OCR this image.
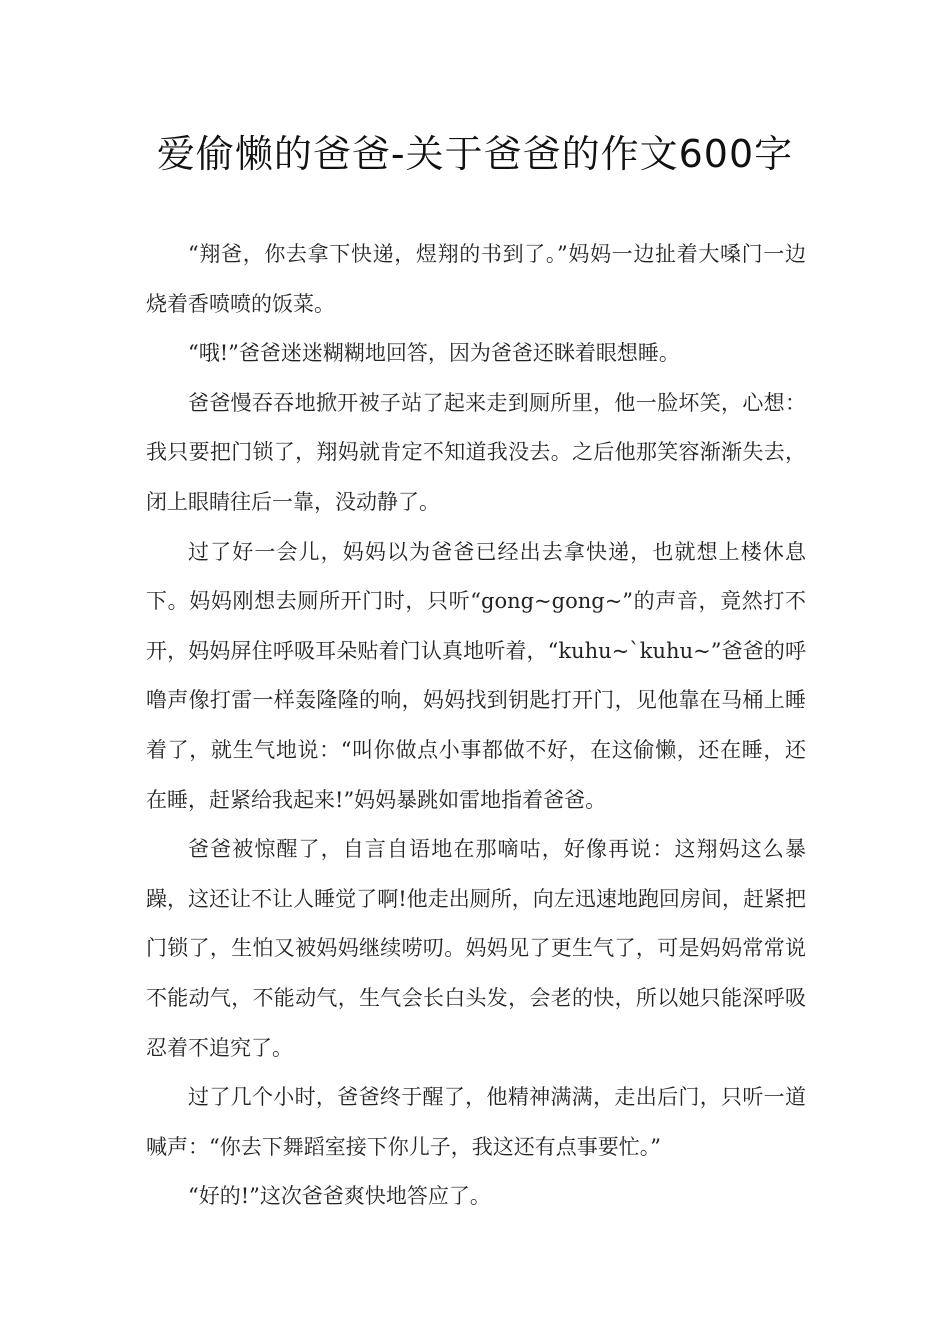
爱偷懒的爸爸-关于爸爸的作文600字

“翔爸，你去拿下快递，煜翔的书到了。”妈妈一边扯着大嗓门一边烧着香喷喷的饭菜。

“哦!”爸爸迷迷糊糊地回答，因为爸爸还眯着眼想睡。

爸爸慢吞吞地掀开被子站了起来走到厕所里，他一脸坏笑，心想：我只要把门锁了，翔妈就肯定不知道我没去。之后他那笑容渐渐失去，闭上眼睛往后一靠，没动静了。

过了好一会儿，妈妈以为爸爸已经出去拿快递，也就想上楼休息下。妈妈刚想去厕所开门时，只听“gong~gong~”的声音，竟然打不开，妈妈屏住呼吸耳朵贴着门认真地听着，“kuhu~`kuhu~”爸爸的呼噜声像打雷一样轰隆隆的响，妈妈找到钥匙打开门，见他靠在马桶上睡着了，就生气地说：“叫你做点小事都做不好，在这偷懒，还在睡，还在睡，赶紧给我起来!”妈妈暴跳如雷地指着爸爸。

爸爸被惊醒了，自言自语地在那嘀咕，好像再说：这翔妈这么暴躁，这还让不让人睡觉了啊!他走出厕所，向左迅速地跑回房间，赶紧把门锁了，生怕又被妈妈继续唠叨。妈妈见了更生气了，可是妈妈常常说不能动气，不能动气，生气会长白头发，会老的快，所以她只能深呼吸忍着不追究了。

过了几个小时，爸爸终于醒了，他精神满满，走出后门，只听一道喊声：“你去下舞蹈室接下你儿子，我这还有点事要忙。”

“好的!”这次爸爸爽快地答应了。
